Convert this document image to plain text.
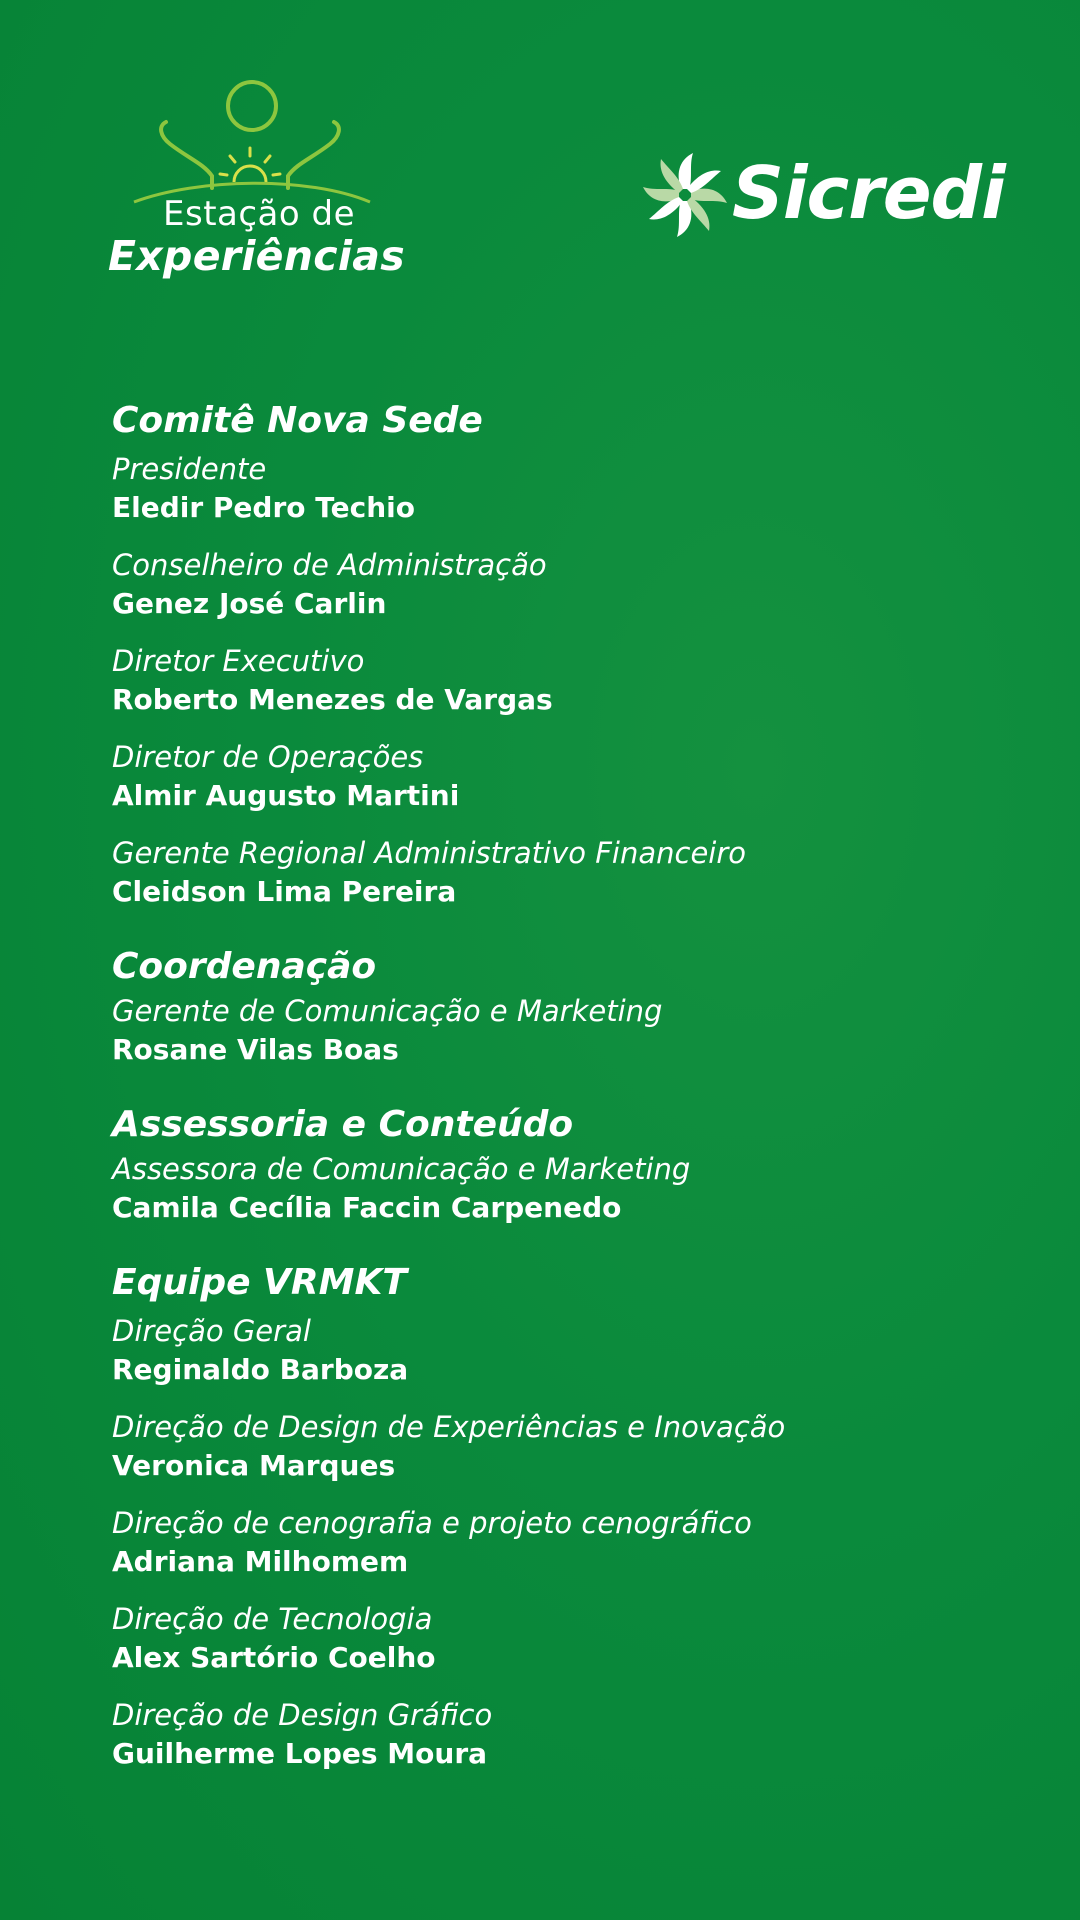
Estação de
Experiências
Sicredi
Comitê Nova Sede
Presidente
Eledir Pedro Techio
Conselheiro de Administração
Genez José Carlin
Diretor Executivo
Roberto Menezes de Vargas
Diretor de Operações
Almir Augusto Martini
Gerente Regional Administrativo Financeiro
Cleidson Lima Pereira
Coordenação
Gerente de Comunicação e Marketing
Rosane Vilas Boas
Assessoria e Conteúdo
Assessora de Comunicação e Marketing
Camila Cecília Faccin Carpenedo
Equipe VRMKT
Direção Geral
Reginaldo Barboza
Direção de Design de Experiências e Inovação
Veronica Marques
Direção de cenografia e projeto cenográfico
Adriana Milhomem
Direção de Tecnologia
Alex Sartório Coelho
Direção de Design Gráfico
Guilherme Lopes Moura
